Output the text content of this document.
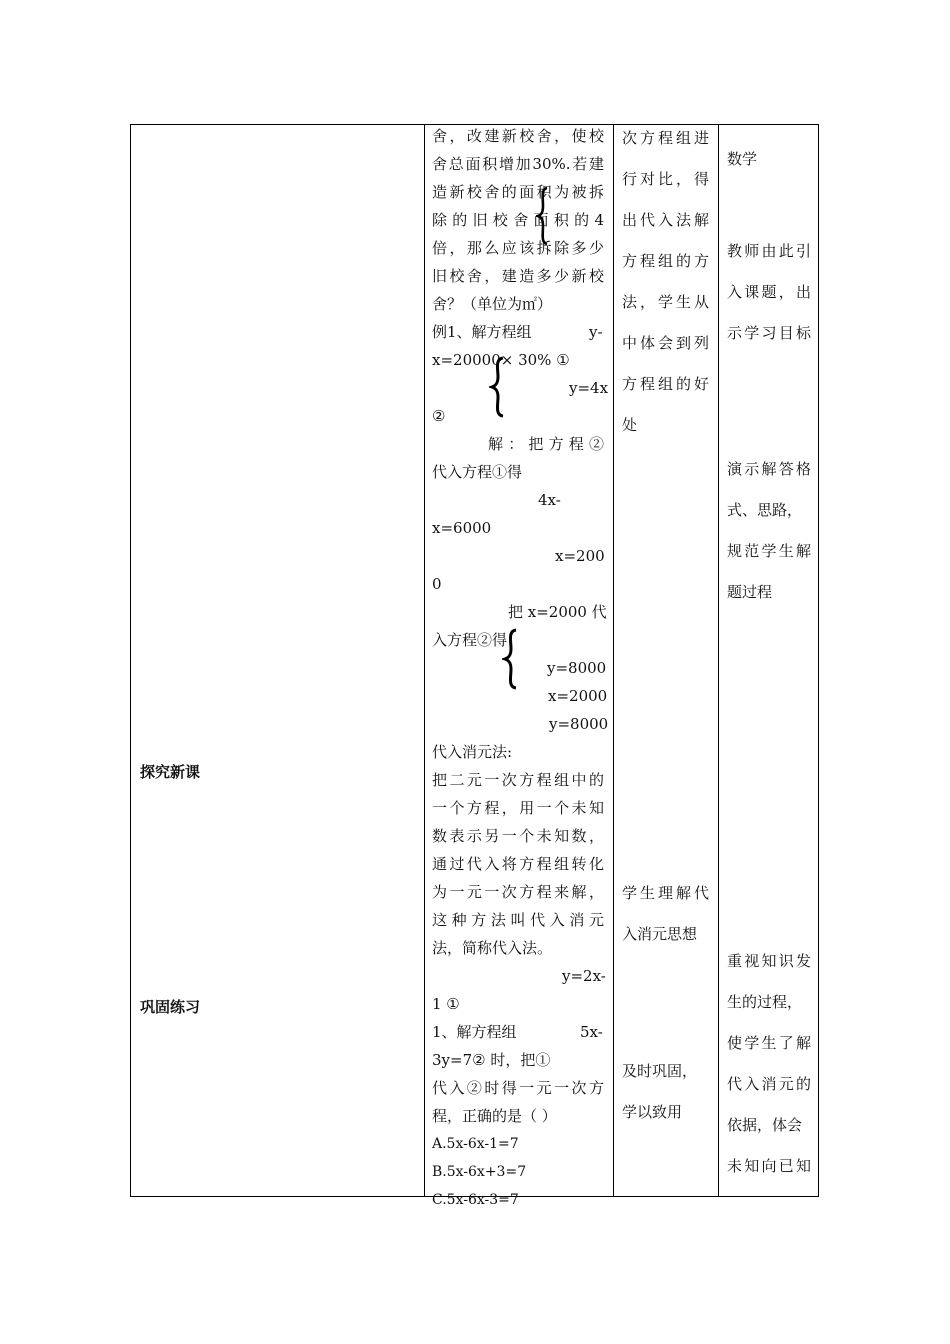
探究新课
巩固练习
舍，改建新校舍，使校
舍总面积增加30%.若建
造新校舍的面积为被拆
除的旧校舍面积的4
倍，那么应该拆除多少
旧校舍，建造多少新校
舍？（单位为㎡）
例1、解方程组	y-
x=20000× 30% ①
y=4x
②
解：把方程②
代入方程①得
4x-
x=6000
x=200
0
把 x=2000 代
入方程②得
y=8000
x=2000
y=8000
代入消元法:
把二元一次方程组中的
一个方程，用一个未知
数表示另一个未知数，
通过代入将方程组转化
为一元一次方程来解，
这种方法叫代入消元
法，简称代入法。
y=2x-
1 ①
1、解方程组	5x-
3y=7② 时，把①
代入②时得一元一次方
程，正确的是（ ）
A.5x-6x-1=7
B.5x-6x+3=7
C.5x-6x-3=7
次方程组进
行对比，得
出代入法解
方程组的方
法，学生从
中体会到列
方程组的好
处
学生理解代
入消元思想
及时巩固，
学以致用
数学
教师由此引
入课题，出
示学习目标
演示解答格
式、思路，
规范学生解
题过程
重视知识发
生的过程，
使学生了解
代入消元的
依据，体会
未知向已知
